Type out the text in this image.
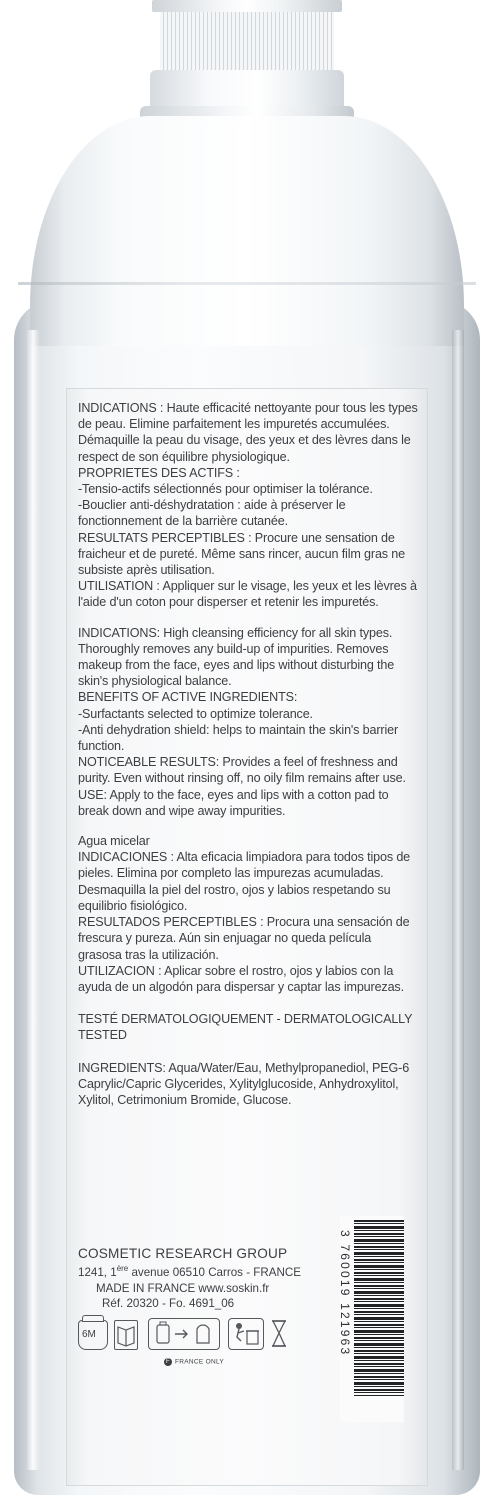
INDICATIONS : Haute efficacité nettoyante pour tous les types de peau. Elimine parfaitement les impuretés accumulées. Démaquille la peau du visage, des yeux et des lèvres dans le respect de son équilibre physiologique.
PROPRIETES DES ACTIFS :
-Tensio-actifs sélectionnés pour optimiser la tolérance.
-Bouclier anti-déshydratation : aide à préserver le fonctionnement de la barrière cutanée.
RESULTATS PERCEPTIBLES : Procure une sensation de fraicheur et de pureté. Même sans rincer, aucun film gras ne subsiste après utilisation.
UTILISATION : Appliquer sur le visage, les yeux et les lèvres à l'aide d'un coton pour disperser et retenir les impuretés.
INDICATIONS: High cleansing efficiency for all skin types. Thoroughly removes any build-up of impurities. Removes makeup from the face, eyes and lips without disturbing the skin's physiological balance.
BENEFITS OF ACTIVE INGREDIENTS:
-Surfactants selected to optimize tolerance.
-Anti dehydration shield: helps to maintain the skin's barrier function.
NOTICEABLE RESULTS: Provides a feel of freshness and purity. Even without rinsing off, no oily film remains after use.
USE: Apply to the face, eyes and lips with a cotton pad to break down and wipe away impurities.
Agua micelar
INDICACIONES : Alta eficacia limpiadora para todos tipos de pieles. Elimina por completo las impurezas acumuladas. Desmaquilla la piel del rostro, ojos y labios respetando su equilibrio fisiológico.
RESULTADOS PERCEPTIBLES : Procura una sensación de frescura y pureza. Aún sin enjuagar no queda película grasosa tras la utilización.
UTILIZACION : Aplicar sobre el rostro, ojos y labios con la ayuda de un algodón para dispersar y captar las impurezas.
TESTÉ DERMATOLOGIQUEMENT - DERMATOLOGICALLY TESTED
INGREDIENTS: Aqua/Water/Eau, Methylpropanediol, PEG-6 Caprylic/Capric Glycerides, Xylitylglucoside, Anhydroxylitol, Xylitol, Cetrimonium Bromide, Glucose.
3 760019 121963
COSMETIC RESEARCH GROUP
1241, 1ère avenue 06510 Carros - FRANCE
MADE IN FRANCE www.soskin.fr
Réf. 20320 - Fo. 4691_06
6M
F FRANCE ONLY
